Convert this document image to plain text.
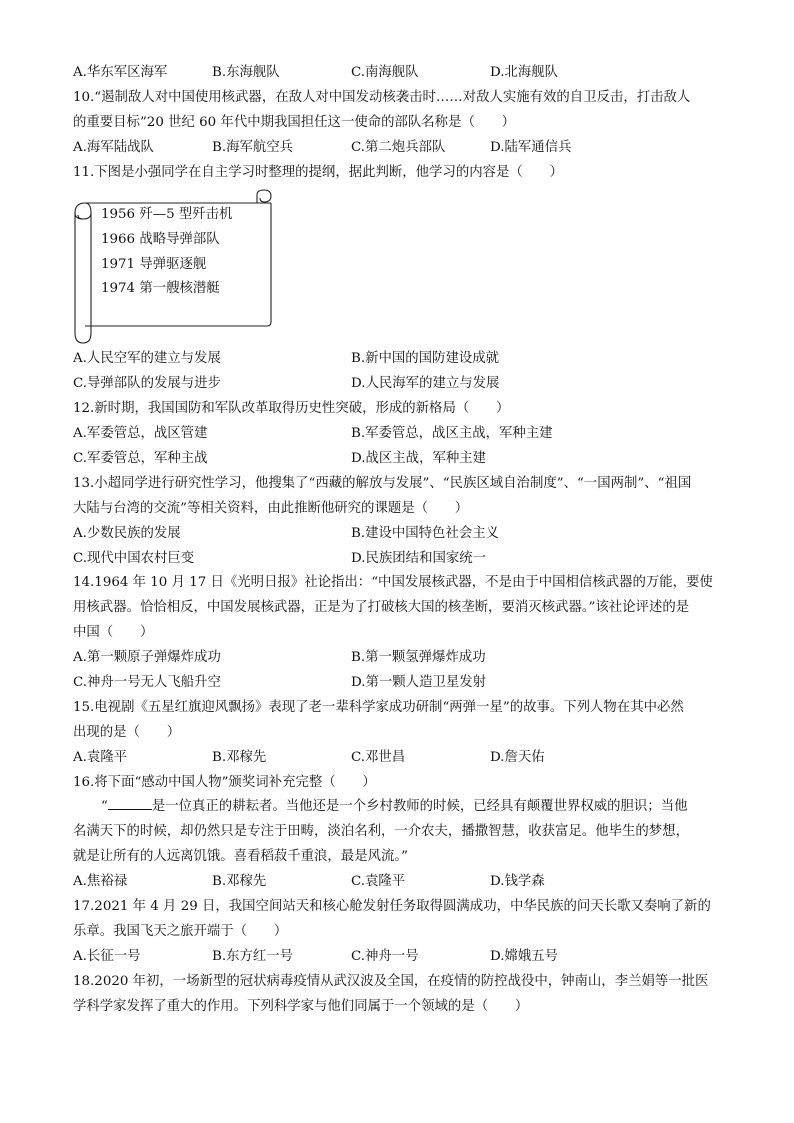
A.华东军区海军	B.东海舰队	C.南海舰队	D.北海舰队
10.“遏制敌人对中国使用核武器，在敌人对中国发动核袭击时……对敌人实施有效的自卫反击，打击敌人
的重要目标”20 世纪 60 年代中期我国担任这一使命的部队名称是（　　）
A.海军陆战队	B.海军航空兵	C.第二炮兵部队	D.陆军通信兵
11.下图是小强同学在自主学习时整理的提纲，据此判断，他学习的内容是（　　）
1956 歼—5 型歼击机
1966 战略导弹部队
1971 导弹驱逐舰
1974 第一艘核潜艇
A.人民空军的建立与发展	B.新中国的国防建设成就
C.导弹部队的发展与进步	D.人民海军的建立与发展
12.新时期，我国国防和军队改革取得历史性突破，形成的新格局（　　）
A.军委管总，战区管建	B.军委管总，战区主战，军种主建
C.军委管总，军种主战	D.战区主战，军种主建
13.小超同学进行研究性学习，他搜集了“西藏的解放与发展”、“民族区域自治制度”、“一国两制”、“祖国
大陆与台湾的交流”等相关资料，由此推断他研究的课题是（　　）
A.少数民族的发展	B.建设中国特色社会主义
C.现代中国农村巨变	D.民族团结和国家统一
14.1964 年 10 月 17 日《光明日报》社论指出：“中国发展核武器，不是由于中国相信核武器的万能，要使
用核武器。恰恰相反，中国发展核武器，正是为了打破核大国的核垄断，要消灭核武器。”该社论评述的是
中国（　　）
A.第一颗原子弹爆炸成功	B.第一颗氢弹爆炸成功
C.神舟一号无人飞船升空	D.第一颗人造卫星发射
15.电视剧《五星红旗迎风飘扬》表现了老一辈科学家成功研制“两弹一星”的故事。下列人物在其中必然
出现的是（　　）
A.袁隆平	B.邓稼先	C.邓世昌	D.詹天佑
16.将下面“感动中国人物”颁奖词补充完整（　　）
“	是一位真正的耕耘者。当他还是一个乡村教师的时候，已经具有颠覆世界权威的胆识；当他
名满天下的时候，却仍然只是专注于田畴，淡泊名利，一介农夫，播撒智慧，收获富足。他毕生的梦想，
就是让所有的人远离饥饿。喜看稻菽千重浪，最是风流。”
A.焦裕禄	B.邓稼先	C.袁隆平	D.钱学森
17.2021 年 4 月 29 日，我国空间站天和核心舱发射任务取得圆满成功，中华民族的问天长歌又奏响了新的
乐章。我国飞天之旅开端于（　　）
A.长征一号	B.东方红一号	C.神舟一号	D.嫦娥五号
18.2020 年初，一场新型的冠状病毒疫情从武汉波及全国，在疫情的防控战役中，钟南山，李兰娟等一批医
学科学家发挥了重大的作用。下列科学家与他们同属于一个领域的是（　　）
